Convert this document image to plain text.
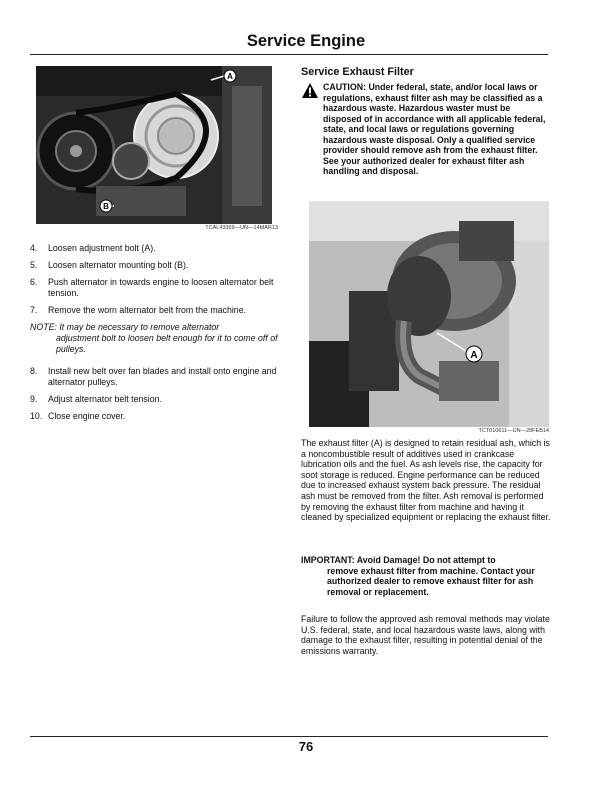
Service Engine
A
B
TCAL43369—UN—14MAR13
4.	Loosen adjustment bolt (A).
5.	Loosen alternator mounting bolt (B).
6.	Push alternator in towards engine to loosen alternator belt tension.
7.	Remove the worn alternator belt from the machine.
NOTE: It may be necessary to remove alternator
adjustment bolt to loosen belt enough for it to come off of pulleys.
8.	Install new belt over fan blades and install onto engine and alternator pulleys.
9.	Adjust alternator belt tension.
10. Close engine cover.
Service Exhaust Filter
CAUTION: Under federal, state, and/or local laws or regulations, exhaust filter ash may be classified as a hazardous waste. Hazardous waster must be disposed of in accordance with all applicable federal, state, and local laws or regulations governing hazardous waste disposal. Only a qualified service provider should remove ash from the exhaust filter. See your authorized dealer for exhaust filter ash handling and disposal.
A
TCT010611—UN—28FEB14
The exhaust filter (A) is designed to retain residual ash, which is a noncombustible result of additives used in crankcase lubrication oils and the fuel. As ash levels rise, the capacity for soot storage is reduced. Engine performance can be reduced due to increased exhaust system back pressure. The residual ash must be removed from the filter. Ash removal is performed by removing the exhaust filter from machine and having it cleaned by specialized equipment or replacing the exhaust filter.
IMPORTANT: Avoid Damage! Do not attempt to
remove exhaust filter from machine. Contact your authorized dealer to remove exhaust filter for ash removal or replacement.
Failure to follow the approved ash removal methods may violate U.S. federal, state, and local hazardous waste laws, along with damage to the exhaust filter, resulting in potential denial of the emissions warranty.
76
